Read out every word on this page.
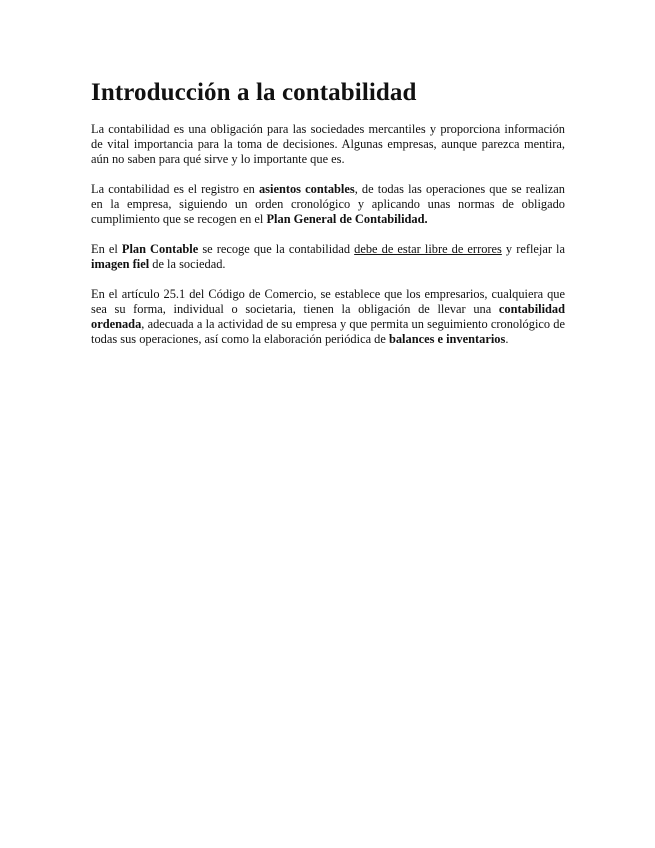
Introducción a la contabilidad

La contabilidad es una obligación para las sociedades mercantiles y proporciona información de vital importancia para la toma de decisiones. Algunas empresas, aunque parezca mentira, aún no saben para qué sirve y lo importante que es.

La contabilidad es el registro en asientos contables, de todas las operaciones que se realizan en la empresa, siguiendo un orden cronológico y aplicando unas normas de obligado cumplimiento que se recogen en el Plan General de Contabilidad.

En el Plan Contable se recoge que la contabilidad debe de estar libre de errores y reflejar la imagen fiel de la sociedad.

En el artículo 25.1 del Código de Comercio, se establece que los empresarios, cualquiera que sea su forma, individual o societaria, tienen la obligación de llevar una contabilidad ordenada, adecuada a la actividad de su empresa y que permita un seguimiento cronológico de todas sus operaciones, así como la elaboración periódica de balances e inventarios.
